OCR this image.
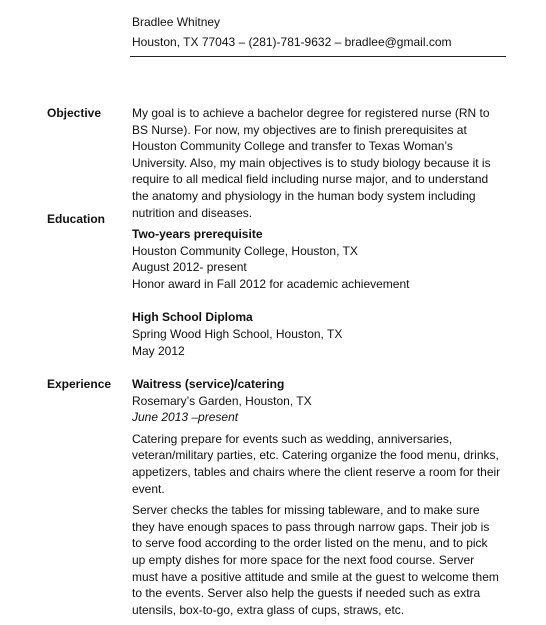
Bradlee Whitney
Houston, TX 77043 – (281)-781-9632 – bradlee@gmail.com
Objective	My goal is to achieve a bachelor degree for registered nurse (RN to BS Nurse). For now, my objectives are to finish prerequisites at Houston Community College and transfer to Texas Woman’s University. Also, my main objectives is to study biology because it is require to all medical field including nurse major, and to understand the anatomy and physiology in the human body system including nutrition and diseases.

Education
Two-years prerequisite
Houston Community College, Houston, TX
August 2012- present
Honor award in Fall 2012 for academic achievement
High School Diploma
Spring Wood High School, Houston, TX
May 2012
Experience Waitress (service)/catering
Rosemary’s Garden, Houston, TX
June 2013 –present

Catering prepare for events such as wedding, anniversaries, veteran/military parties, etc. Catering organize the food menu, drinks, appetizers, tables and chairs where the client reserve a room for their event.

Server checks the tables for missing tableware, and to make sure they have enough spaces to pass through narrow gaps. Their job is to serve food according to the order listed on the menu, and to pick up empty dishes for more space for the next food course. Server must have a positive attitude and smile at the guest to welcome them to the events. Server also help the guests if needed such as extra utensils, box-to-go, extra glass of cups, straws, etc.
